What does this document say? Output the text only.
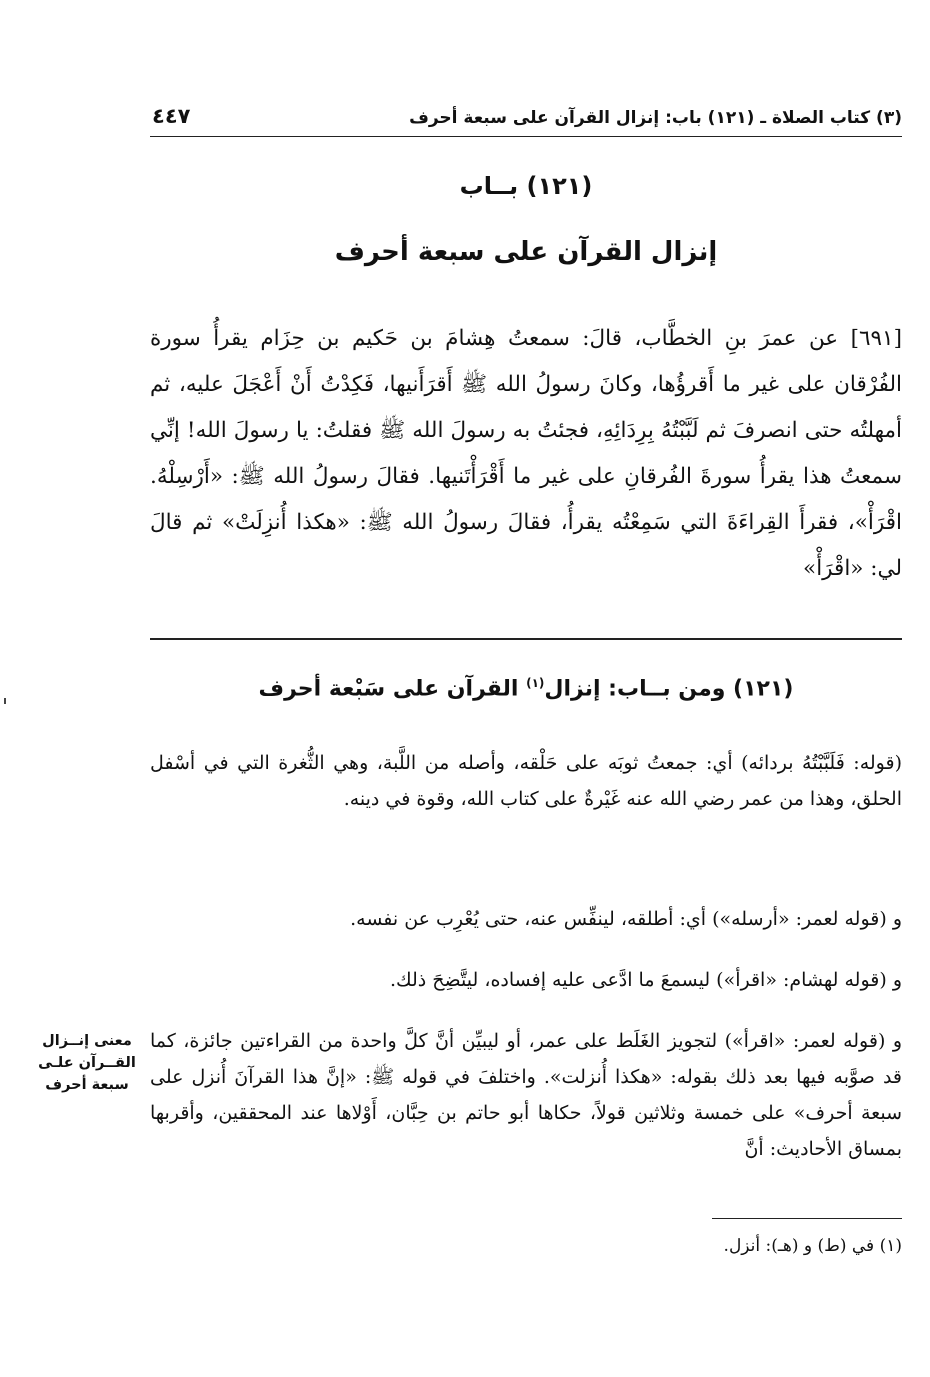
(٣) كتاب الصلاة ـ (١٢١) باب: إنزال القرآن على سبعة أحرف
٤٤٧
(١٢١) بــاب
إنزال القرآن على سبعة أحرف
[٦٩١] عن عمرَ بنِ الخطَّاب، قالَ: سمعتُ هِشامَ بن حَكيم بن حِزَام يقرأُ سورة الفُرْقان على غير ما أَقرؤُها، وكانَ رسولُ الله ﷺ أَقرَأَنيها، فَكِدْتُ أَنْ أَعْجَلَ عليه، ثم أمهلتُه حتى انصرفَ ثم لَبَّبْتُهُ بِرِدَائِهِ، فجئتُ به رسولَ الله ﷺ فقلتُ: يا رسولَ الله! إنِّي سمعتُ هذا يقرأُ سورةَ الفُرقانِ على غير ما أَقْرَأْتَنيها. فقالَ رسولُ الله ﷺ: «أَرْسِلْهُ. اقْرَأْ»، فقرأَ القِراءَةَ التي سَمِعْتُه يقرأُ، فقالَ رسولُ الله ﷺ: «هكذا أُنزِلَتْ» ثم قالَ لي: «اقْرَأْ»
(١٢١) ومن بــاب: إنزال$^{(١)}$ القرآن على سَبْعة أحرف
(قوله: فَلَبَّبْتُهُ بردائه) أي: جمعتُ ثوبَه على حَلْقه، وأصله من اللَّبة، وهي الثُّغرة التي في أسْفل الحلق، وهذا من عمر رضي الله عنه غَيْرةٌ على كتاب الله، وقوة في دينه.
و (قوله لعمر: «أرسله») أي: أطلقه، لينفِّس عنه، حتى يُعْرِب عن نفسه.
و (قوله لهشام: «اقرأ») ليسمعَ ما ادَّعى عليه إفساده، ليتَّضِحَ ذلك.
و (قوله لعمر: «اقرأ») لتجويز الغَلَط على عمر، أو ليبيِّن أنَّ كلَّ واحدة من القراءتين جائزة، كما قد صوَّبه فيها بعد ذلك بقوله: «هكذا أُنزلت». واختلفَ في قوله ﷺ: «إنَّ هذا القرآنَ أُنزل على سبعة أحرف» على خمسة وثلاثين قولاً، حكاها أبو حاتم بن حِبَّان، أَوْلاها عند المحققين، وأقربها بمساق الأحاديث: أنَّ
معنى إنــزال القــرآن علـى سبعة أحرف
(١) في (ط) و (هـ): أنزل.
